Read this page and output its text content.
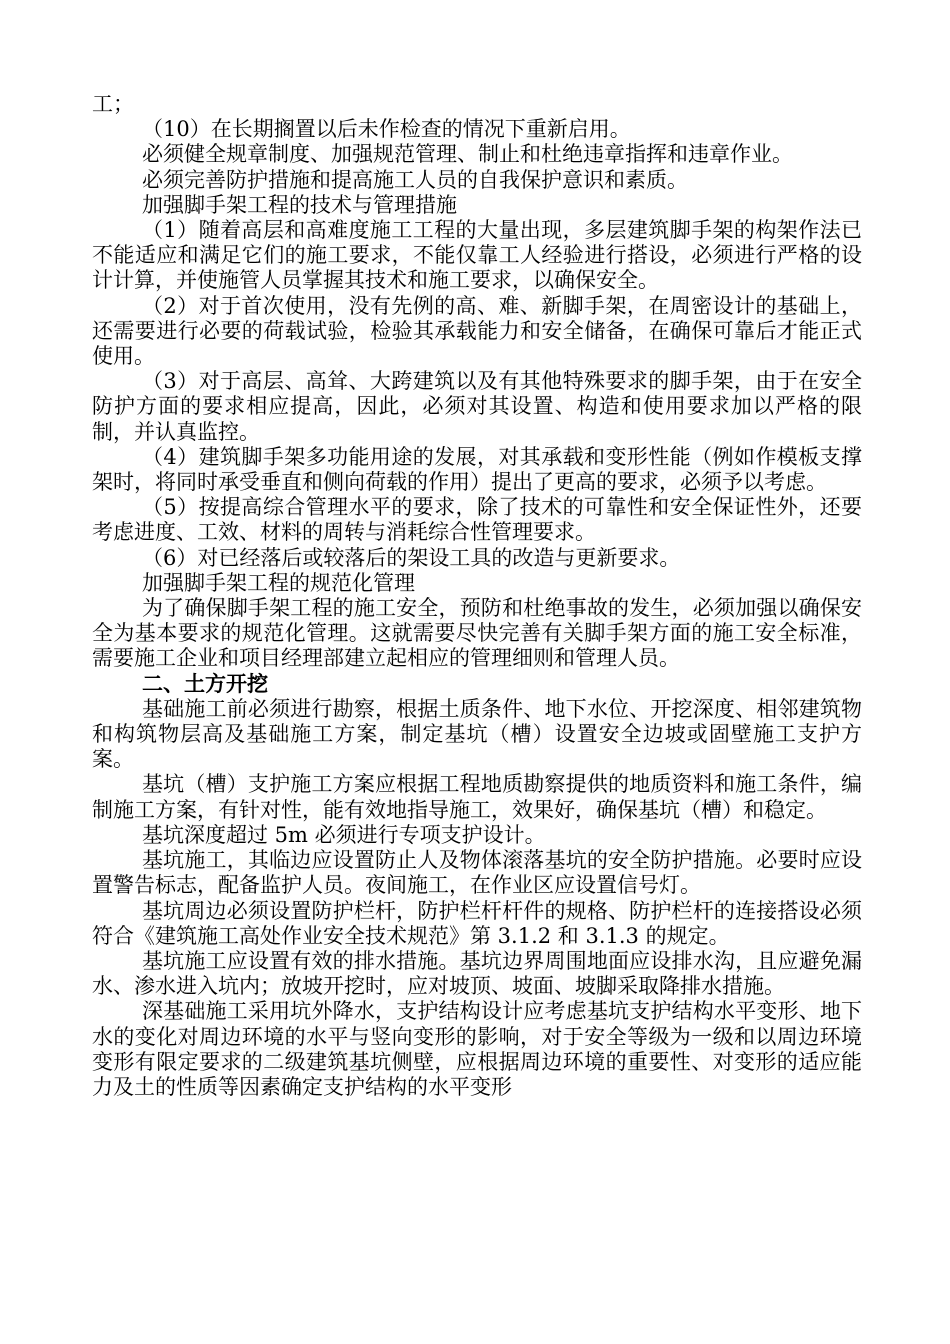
工；

（10）在长期搁置以后未作检查的情况下重新启用。

必须健全规章制度、加强规范管理、制止和杜绝违章指挥和违章作业。

必须完善防护措施和提高施工人员的自我保护意识和素质。

加强脚手架工程的技术与管理措施

（1）随着高层和高难度施工工程的大量出现，多层建筑脚手架的构架作法已不能适应和满足它们的施工要求，不能仅靠工人经验进行搭设，必须进行严格的设计计算，并使施管人员掌握其技术和施工要求，以确保安全。

（2）对于首次使用，没有先例的高、难、新脚手架，在周密设计的基础上，还需要进行必要的荷载试验，检验其承载能力和安全储备，在确保可靠后才能正式使用。

（3）对于高层、高耸、大跨建筑以及有其他特殊要求的脚手架，由于在安全防护方面的要求相应提高，因此，必须对其设置、构造和使用要求加以严格的限制，并认真监控。

（4）建筑脚手架多功能用途的发展，对其承载和变形性能（例如作模板支撑架时，将同时承受垂直和侧向荷载的作用）提出了更高的要求，必须予以考虑。

（5）按提高综合管理水平的要求，除了技术的可靠性和安全保证性外，还要考虑进度、工效、材料的周转与消耗综合性管理要求。

（6）对已经落后或较落后的架设工具的改造与更新要求。

加强脚手架工程的规范化管理

为了确保脚手架工程的施工安全，预防和杜绝事故的发生，必须加强以确保安全为基本要求的规范化管理。这就需要尽快完善有关脚手架方面的施工安全标准，需要施工企业和项目经理部建立起相应的管理细则和管理人员。

二、土方开挖

基础施工前必须进行勘察，根据土质条件、地下水位、开挖深度、相邻建筑物和构筑物层高及基础施工方案，制定基坑（槽）设置安全边坡或固壁施工支护方案。

基坑（槽）支护施工方案应根据工程地质勘察提供的地质资料和施工条件，编制施工方案，有针对性，能有效地指导施工，效果好，确保基坑（槽）和稳定。

基坑深度超过 5m 必须进行专项支护设计。

基坑施工，其临边应设置防止人及物体滚落基坑的安全防护措施。必要时应设置警告标志，配备监护人员。夜间施工，在作业区应设置信号灯。

基坑周边必须设置防护栏杆，防护栏杆杆件的规格、防护栏杆的连接搭设必须符合《建筑施工高处作业安全技术规范》第 3.1.2 和 3.1.3 的规定。

基坑施工应设置有效的排水措施。基坑边界周围地面应设排水沟，且应避免漏水、渗水进入坑内；放坡开挖时，应对坡顶、坡面、坡脚采取降排水措施。

深基础施工采用坑外降水，支护结构设计应考虑基坑支护结构水平变形、地下水的变化对周边环境的水平与竖向变形的影响，对于安全等级为一级和以周边环境变形有限定要求的二级建筑基坑侧壁，应根据周边环境的重要性、对变形的适应能力及土的性质等因素确定支护结构的水平变形
